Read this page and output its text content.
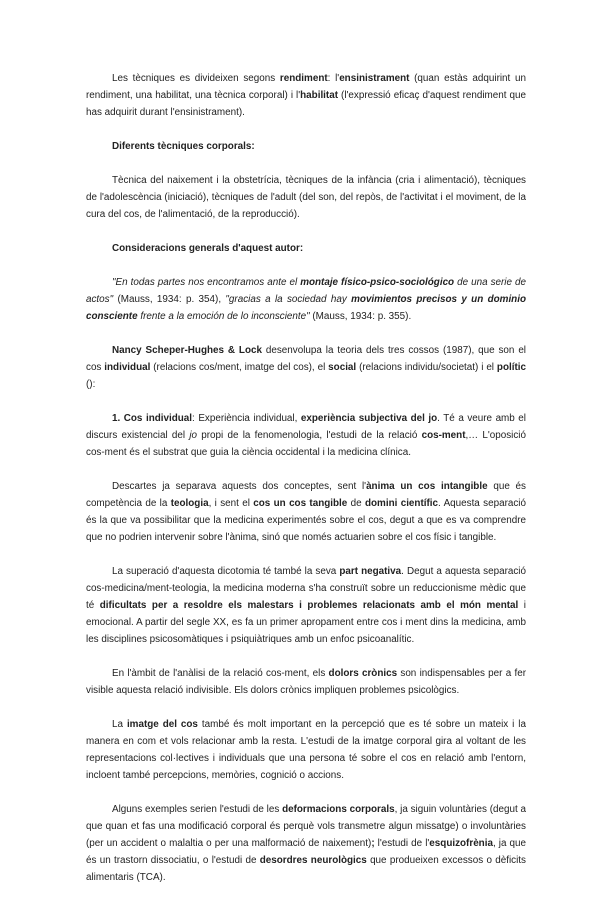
Les tècniques es divideixen segons rendiment: l'ensinistrament (quan estàs adquirint un rendiment, una habilitat, una tècnica corporal) i l'habilitat (l'expressió eficaç d'aquest rendiment que has adquirit durant l'ensinistrament).

Diferents tècniques corporals:

Tècnica del naixement i la obstetrícia, tècniques de la infància (cria i alimentació), tècniques de l'adolescència (iniciació), tècniques de l'adult (del son, del repòs, de l'activitat i el moviment, de la cura del cos, de l'alimentació, de la reproducció).

Consideracions generals d'aquest autor:

"En todas partes nos encontramos ante el montaje físico-psico-sociológico de una serie de actos" (Mauss, 1934: p. 354), "gracias a la sociedad hay movimientos precisos y un dominio consciente frente a la emoción de lo inconsciente" (Mauss, 1934: p. 355).

Nancy Scheper-Hughes & Lock desenvolupa la teoria dels tres cossos (1987), que son el cos individual (relacions cos/ment, imatge del cos), el social (relacions individu/societat) i el polític ():

1. Cos individual: Experiència individual, experiència subjectiva del jo. Té a veure amb el discurs existencial del jo propi de la fenomenologia, l'estudi de la relació cos-ment,… L'oposició cos-ment és el substrat que guia la ciència occidental i la medicina clínica.

Descartes ja separava aquests dos conceptes, sent l'ànima un cos intangible que és competència de la teologia, i sent el cos un cos tangible de domini científic. Aquesta separació és la que va possibilitar que la medicina experimentés sobre el cos, degut a que es va comprendre que no podrien intervenir sobre l'ànima, sinó que només actuarien sobre el cos físic i tangible.

La superació d'aquesta dicotomia té també la seva part negativa. Degut a aquesta separació cos-medicina/ment-teologia, la medicina moderna s'ha construït sobre un reduccionisme mèdic que té dificultats per a resoldre els malestars i problemes relacionats amb el món mental i emocional. A partir del segle XX, es fa un primer apropament entre cos i ment dins la medicina, amb les disciplines psicosomàtiques i psiquiàtriques amb un enfoc psicoanalític.

En l'àmbit de l'anàlisi de la relació cos-ment, els dolors crònics son indispensables per a fer visible aquesta relació indivisible. Els dolors crònics impliquen problemes psicològics.

La imatge del cos també és molt important en la percepció que es té sobre un mateix i la manera en com et vols relacionar amb la resta. L'estudi de la imatge corporal gira al voltant de les representacions col·lectives i individuals que una persona té sobre el cos en relació amb l'entorn, incloent també percepcions, memòries, cognició o accions.

Alguns exemples serien l'estudi de les deformacions corporals, ja siguin voluntàries (degut a que quan et fas una modificació corporal és perquè vols transmetre algun missatge) o involuntàries (per un accident o malaltia o per una malformació de naixement); l'estudi de l'esquizofrènia, ja que és un trastorn dissociatiu, o l'estudi de desordres neurològics que produeixen excessos o dèficits alimentaris (TCA).
